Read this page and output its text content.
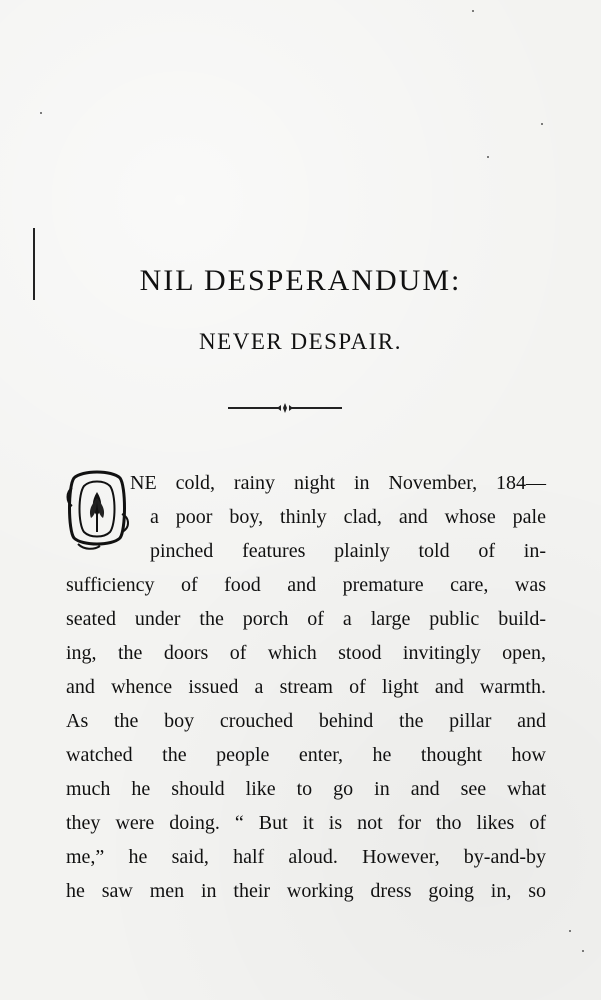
NIL DESPERANDUM:
NEVER DESPAIR.
NE cold, rainy night in November, 184—
a poor boy, thinly clad, and whose pale
pinched features plainly told of in-
sufficiency of food and premature care, was
seated under the porch of a large public build-
ing, the doors of which stood invitingly open,
and whence issued a stream of light and warmth.
As the boy crouched behind the pillar and
watched the people enter, he thought how
much he should like to go in and see what
they were doing. “ But it is not for tho likes of
me,” he said, half aloud. However, by-and-by
he saw men in their working dress going in, so
